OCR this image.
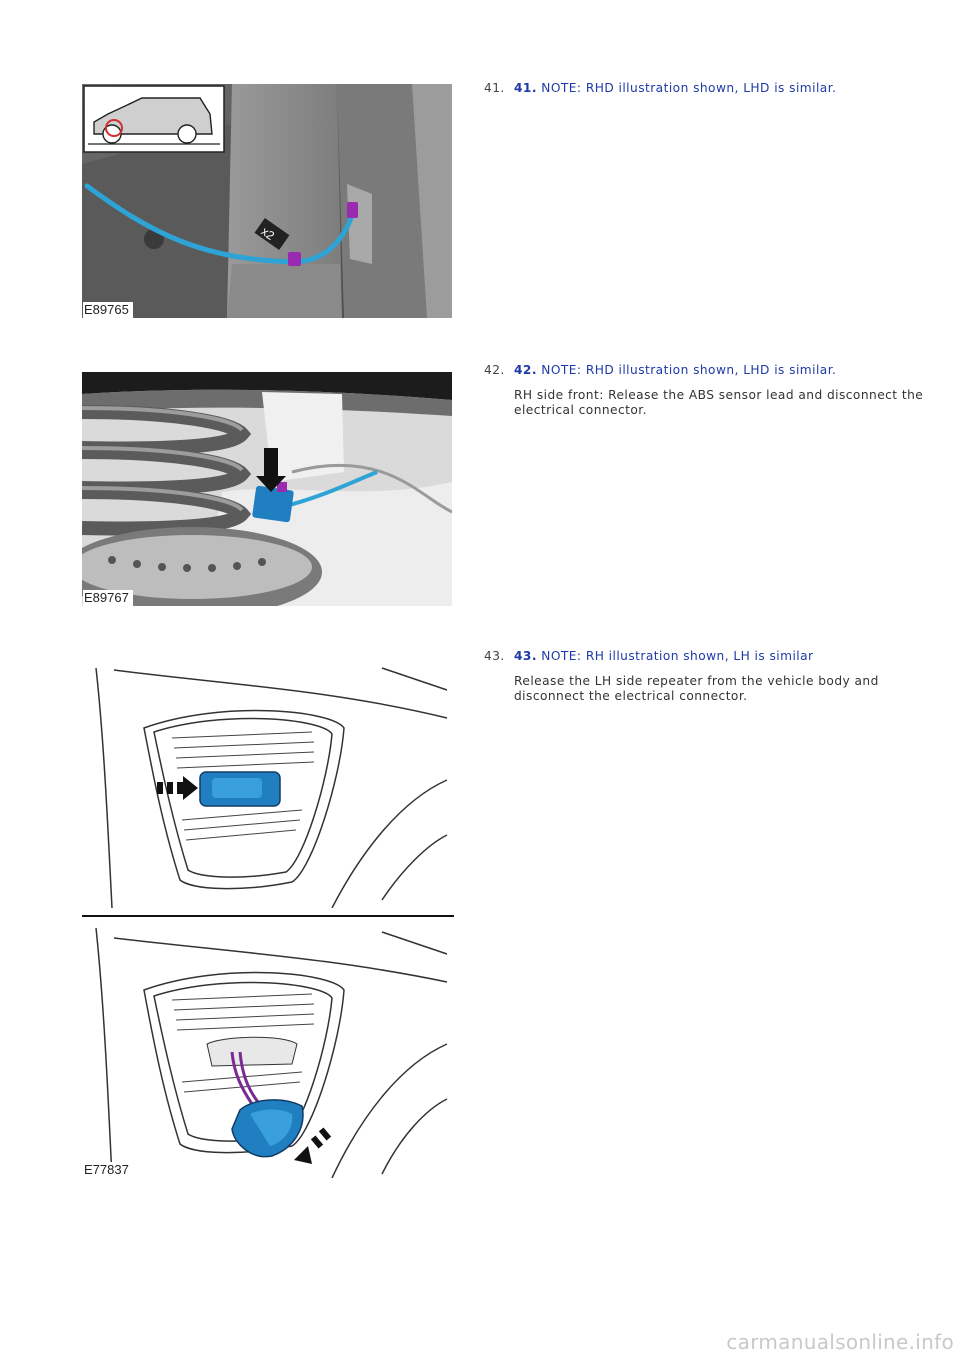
x2
E89765
41. 41. NOTE: RHD illustration shown, LHD is similar.
E89767
42. 42. NOTE: RHD illustration shown, LHD is similar.
RH side front: Release the ABS sensor lead and disconnect the electrical connector.
E77837
43. 43. NOTE: RH illustration shown, LH is similar
Release the LH side repeater from the vehicle body and disconnect the electrical connector.
carmanualsonline.info
